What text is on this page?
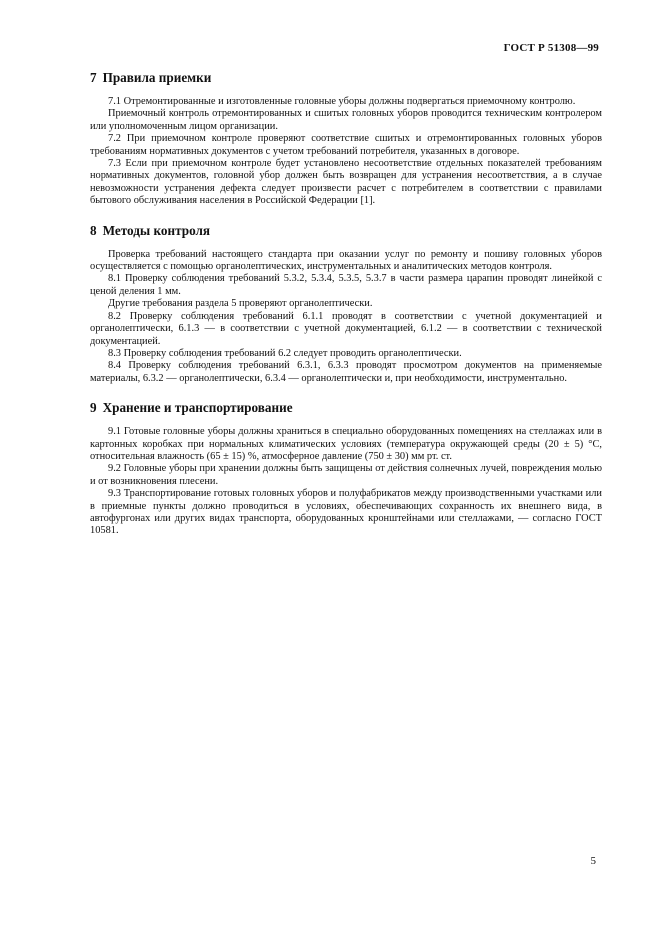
ГОСТ Р 51308—99
7 Правила приемки

7.1 Отремонтированные и изготовленные головные уборы должны подвергаться приемочному контролю.

Приемочный контроль отремонтированных и сшитых головных уборов проводится техническим контролером или уполномоченным лицом организации.

7.2 При приемочном контроле проверяют соответствие сшитых и отремонтированных головных уборов требованиям нормативных документов с учетом требований потребителя, указанных в договоре.

7.3 Если при приемочном контроле будет установлено несоответствие отдельных показателей требованиям нормативных документов, головной убор должен быть возвращен для устранения несоответствия, а в случае невозможности устранения дефекта следует произвести расчет с потребителем в соответствии с правилами бытового обслуживания населения в Российской Федерации [1].

8 Методы контроля

Проверка требований настоящего стандарта при оказании услуг по ремонту и пошиву головных уборов осуществляется с помощью органолептических, инструментальных и аналитических методов контроля.

8.1 Проверку соблюдения требований 5.3.2, 5.3.4, 5.3.5, 5.3.7 в части размера царапин проводят линейкой с ценой деления 1 мм.

Другие требования раздела 5 проверяют органолептически.

8.2 Проверку соблюдения требований 6.1.1 проводят в соответствии с учетной документацией и органолептически, 6.1.3 — в соответствии с учетной документацией, 6.1.2 — в соответствии с технической документацией.

8.3 Проверку соблюдения требований 6.2 следует проводить органолептически.

8.4 Проверку соблюдения требований 6.3.1, 6.3.3 проводят просмотром документов на применяемые материалы, 6.3.2 — органолептически, 6.3.4 — органолептически и, при необходимости, инструментально.

9 Хранение и транспортирование

9.1 Готовые головные уборы должны храниться в специально оборудованных помещениях на стеллажах или в картонных коробках при нормальных климатических условиях (температура окружающей среды (20 ± 5) °С, относительная влажность (65 ± 15) %, атмосферное давление (750 ± 30) мм рт. ст.

9.2 Головные уборы при хранении должны быть защищены от действия солнечных лучей, повреждения молью и от возникновения плесени.

9.3 Транспортирование готовых головных уборов и полуфабрикатов между производственными участками или в приемные пункты должно проводиться в условиях, обеспечивающих сохранность их внешнего вида, в автофургонах или других видах транспорта, оборудованных кронштейнами или стеллажами, — согласно ГОСТ 10581.

5
